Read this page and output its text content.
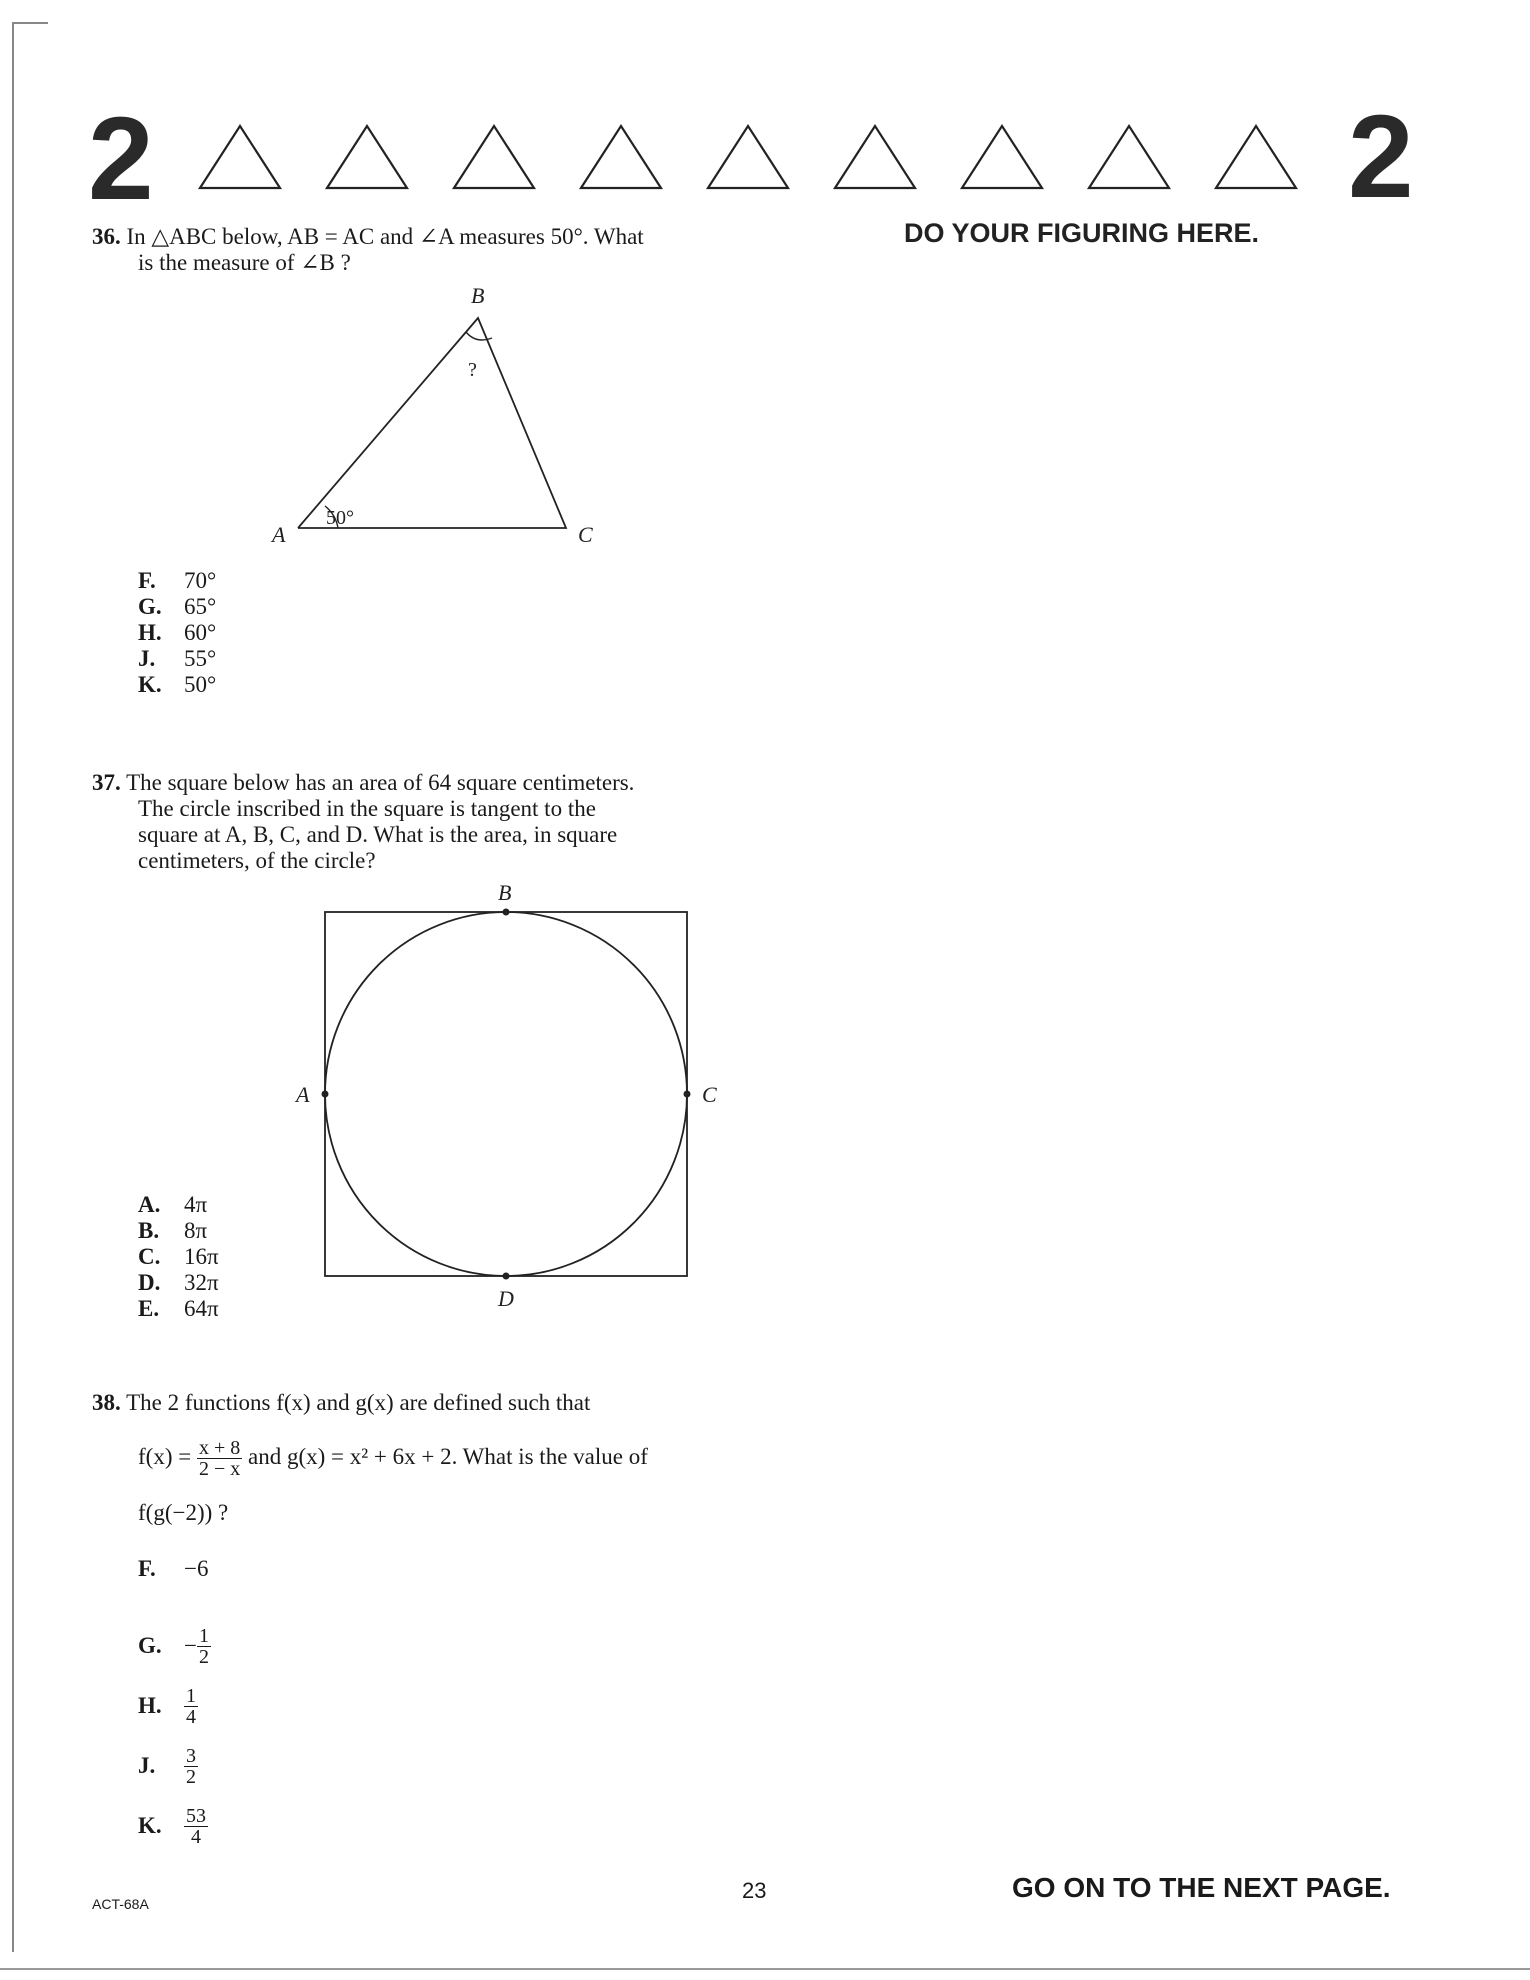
2	2
DO YOUR FIGURING HERE.
36. In △ABC below, AB = AC and ∠A measures 50°. What
is the measure of ∠B ?
B
?
A
50°
C
F. 70°
G. 65°
H. 60°
J. 55°
K. 50°
37. The square below has an area of 64 square centimeters.
The circle inscribed in the square is tangent to the
square at A, B, C, and D. What is the area, in square
centimeters, of the circle?
B
A	C
D
A. 4π
B. 8π
C. 16π
D. 32π
E. 64π
38. The 2 functions f(x) and g(x) are defined such that
$f(x) = \frac{x + 8}{2 - x}$ and g(x) = x² + 6x + 2. What is the value of
f(g(−2)) ?
F. −6
G. − $\frac{1}{2}$
H.	$\frac{1}{4}$
J.	$\frac{3}{2}$
K.	$\frac{53}{4}$
ACT-68A
23	GO ON TO THE NEXT PAGE.
